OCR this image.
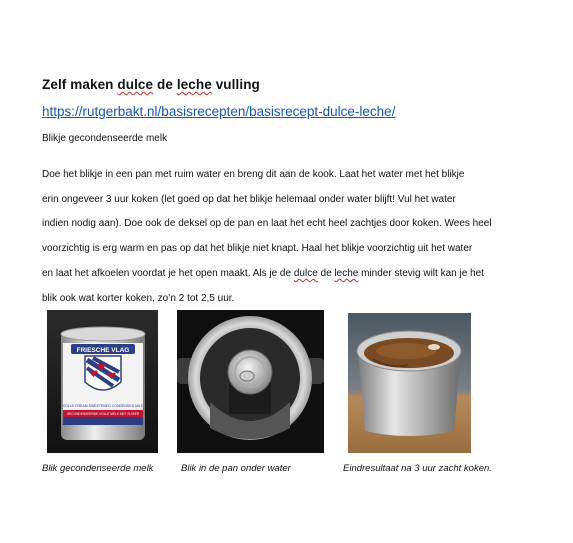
Zelf maken dulce de leche vulling
https://rutgerbakt.nl/basisrecepten/basisrecept-dulce-leche/
Blikje gecondenseerde melk
Doe het blikje in een pan met ruim water en breng dit aan de kook. Laat het water met het blikje
erin ongeveer 3 uur koken (let goed op dat het blikje helemaal onder water blijft! Vul het water
indien nodig aan). Doe ook de deksel op de pan en laat het echt heel zachtjes door koken. Wees heel
voorzichtig is erg warm en pas op dat het blikje niet knapt. Haal het blikje voorzichtig uit het water
en laat het afkoelen voordat je het open maakt. Als je de dulce de leche minder stevig wilt kan je het
blik ook wat korter koken, zo’n 2 tot 2,5 uur.
FRIESCHE VLAG
VOLLE CREAM SWEETENED CONDENSED MILK
GECONDENSEERDE VOLLE MELK MET SUIKER
Blik gecondenseerde melk	Blik in de pan onder water	Eindresultaat na 3 uur zacht koken.
